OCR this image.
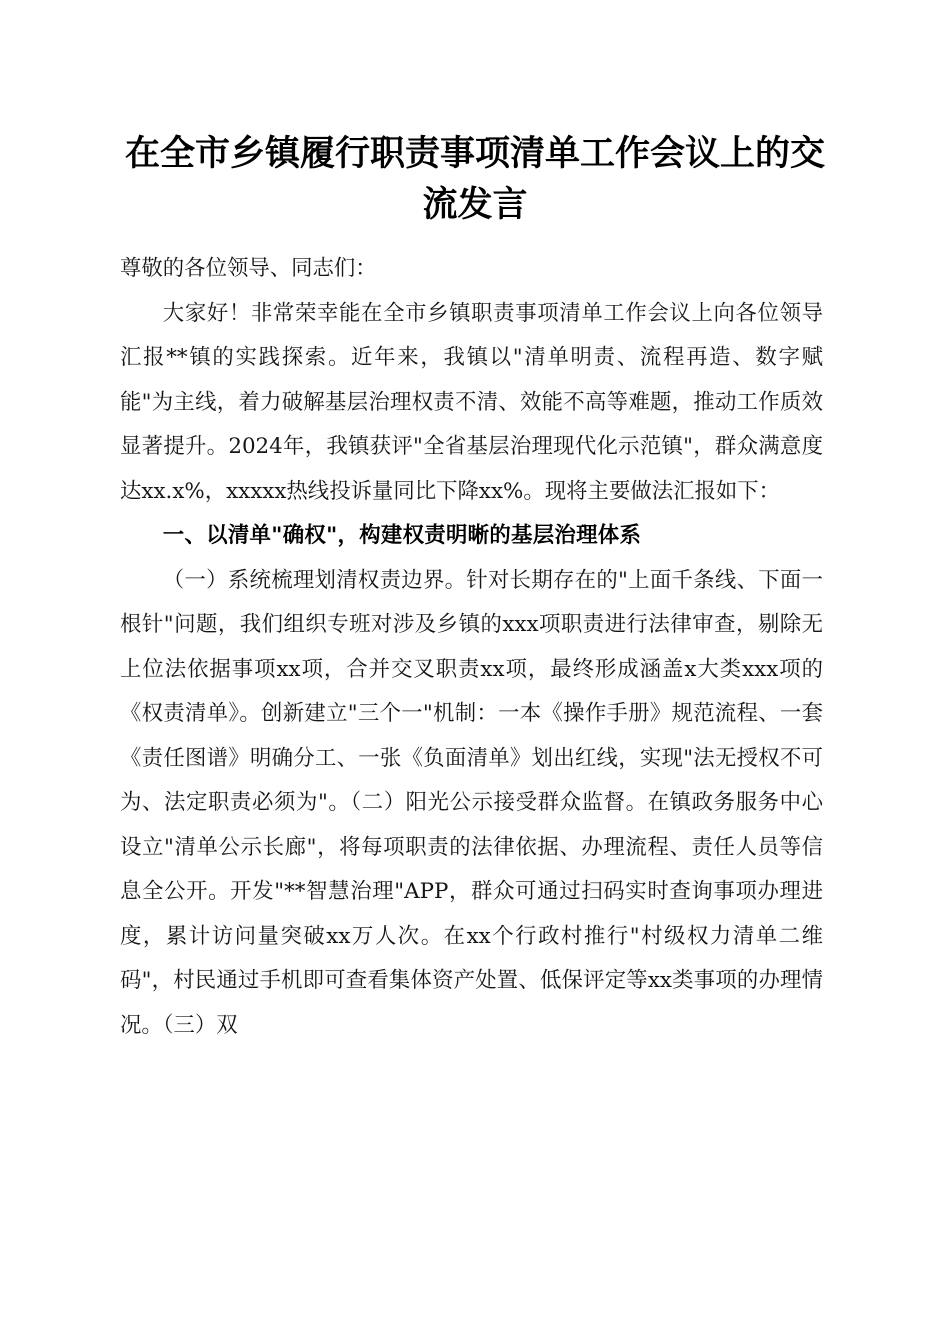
在全市乡镇履行职责事项清单工作会议上的交流发言

尊敬的各位领导、同志们：

大家好！非常荣幸能在全市乡镇职责事项清单工作会议上向各位领导汇报**镇的实践探索。近年来，我镇以"清单明责、流程再造、数字赋能"为主线，着力破解基层治理权责不清、效能不高等难题，推动工作质效显著提升。2024年，我镇获评"全省基层治理现代化示范镇"，群众满意度达xx.x%，xxxxx热线投诉量同比下降xx%。现将主要做法汇报如下：

一、以清单"确权"，构建权责明晰的基层治理体系

（一）系统梳理划清权责边界。针对长期存在的"上面千条线、下面一根针"问题，我们组织专班对涉及乡镇的xxx项职责进行法律审查，剔除无上位法依据事项xx项，合并交叉职责xx项，最终形成涵盖x大类xxx项的《权责清单》。创新建立"三个一"机制：一本《操作手册》规范流程、一套《责任图谱》明确分工、一张《负面清单》划出红线，实现"法无授权不可为、法定职责必须为"。（二）阳光公示接受群众监督。在镇政务服务中心设立"清单公示长廊"，将每项职责的法律依据、办理流程、责任人员等信息全公开。开发"**智慧治理"APP，群众可通过扫码实时查询事项办理进度，累计访问量突破xx万人次。在xx个行政村推行"村级权力清单二维码"，村民通过手机即可查看集体资产处置、低保评定等xx类事项的办理情况。（三）双
